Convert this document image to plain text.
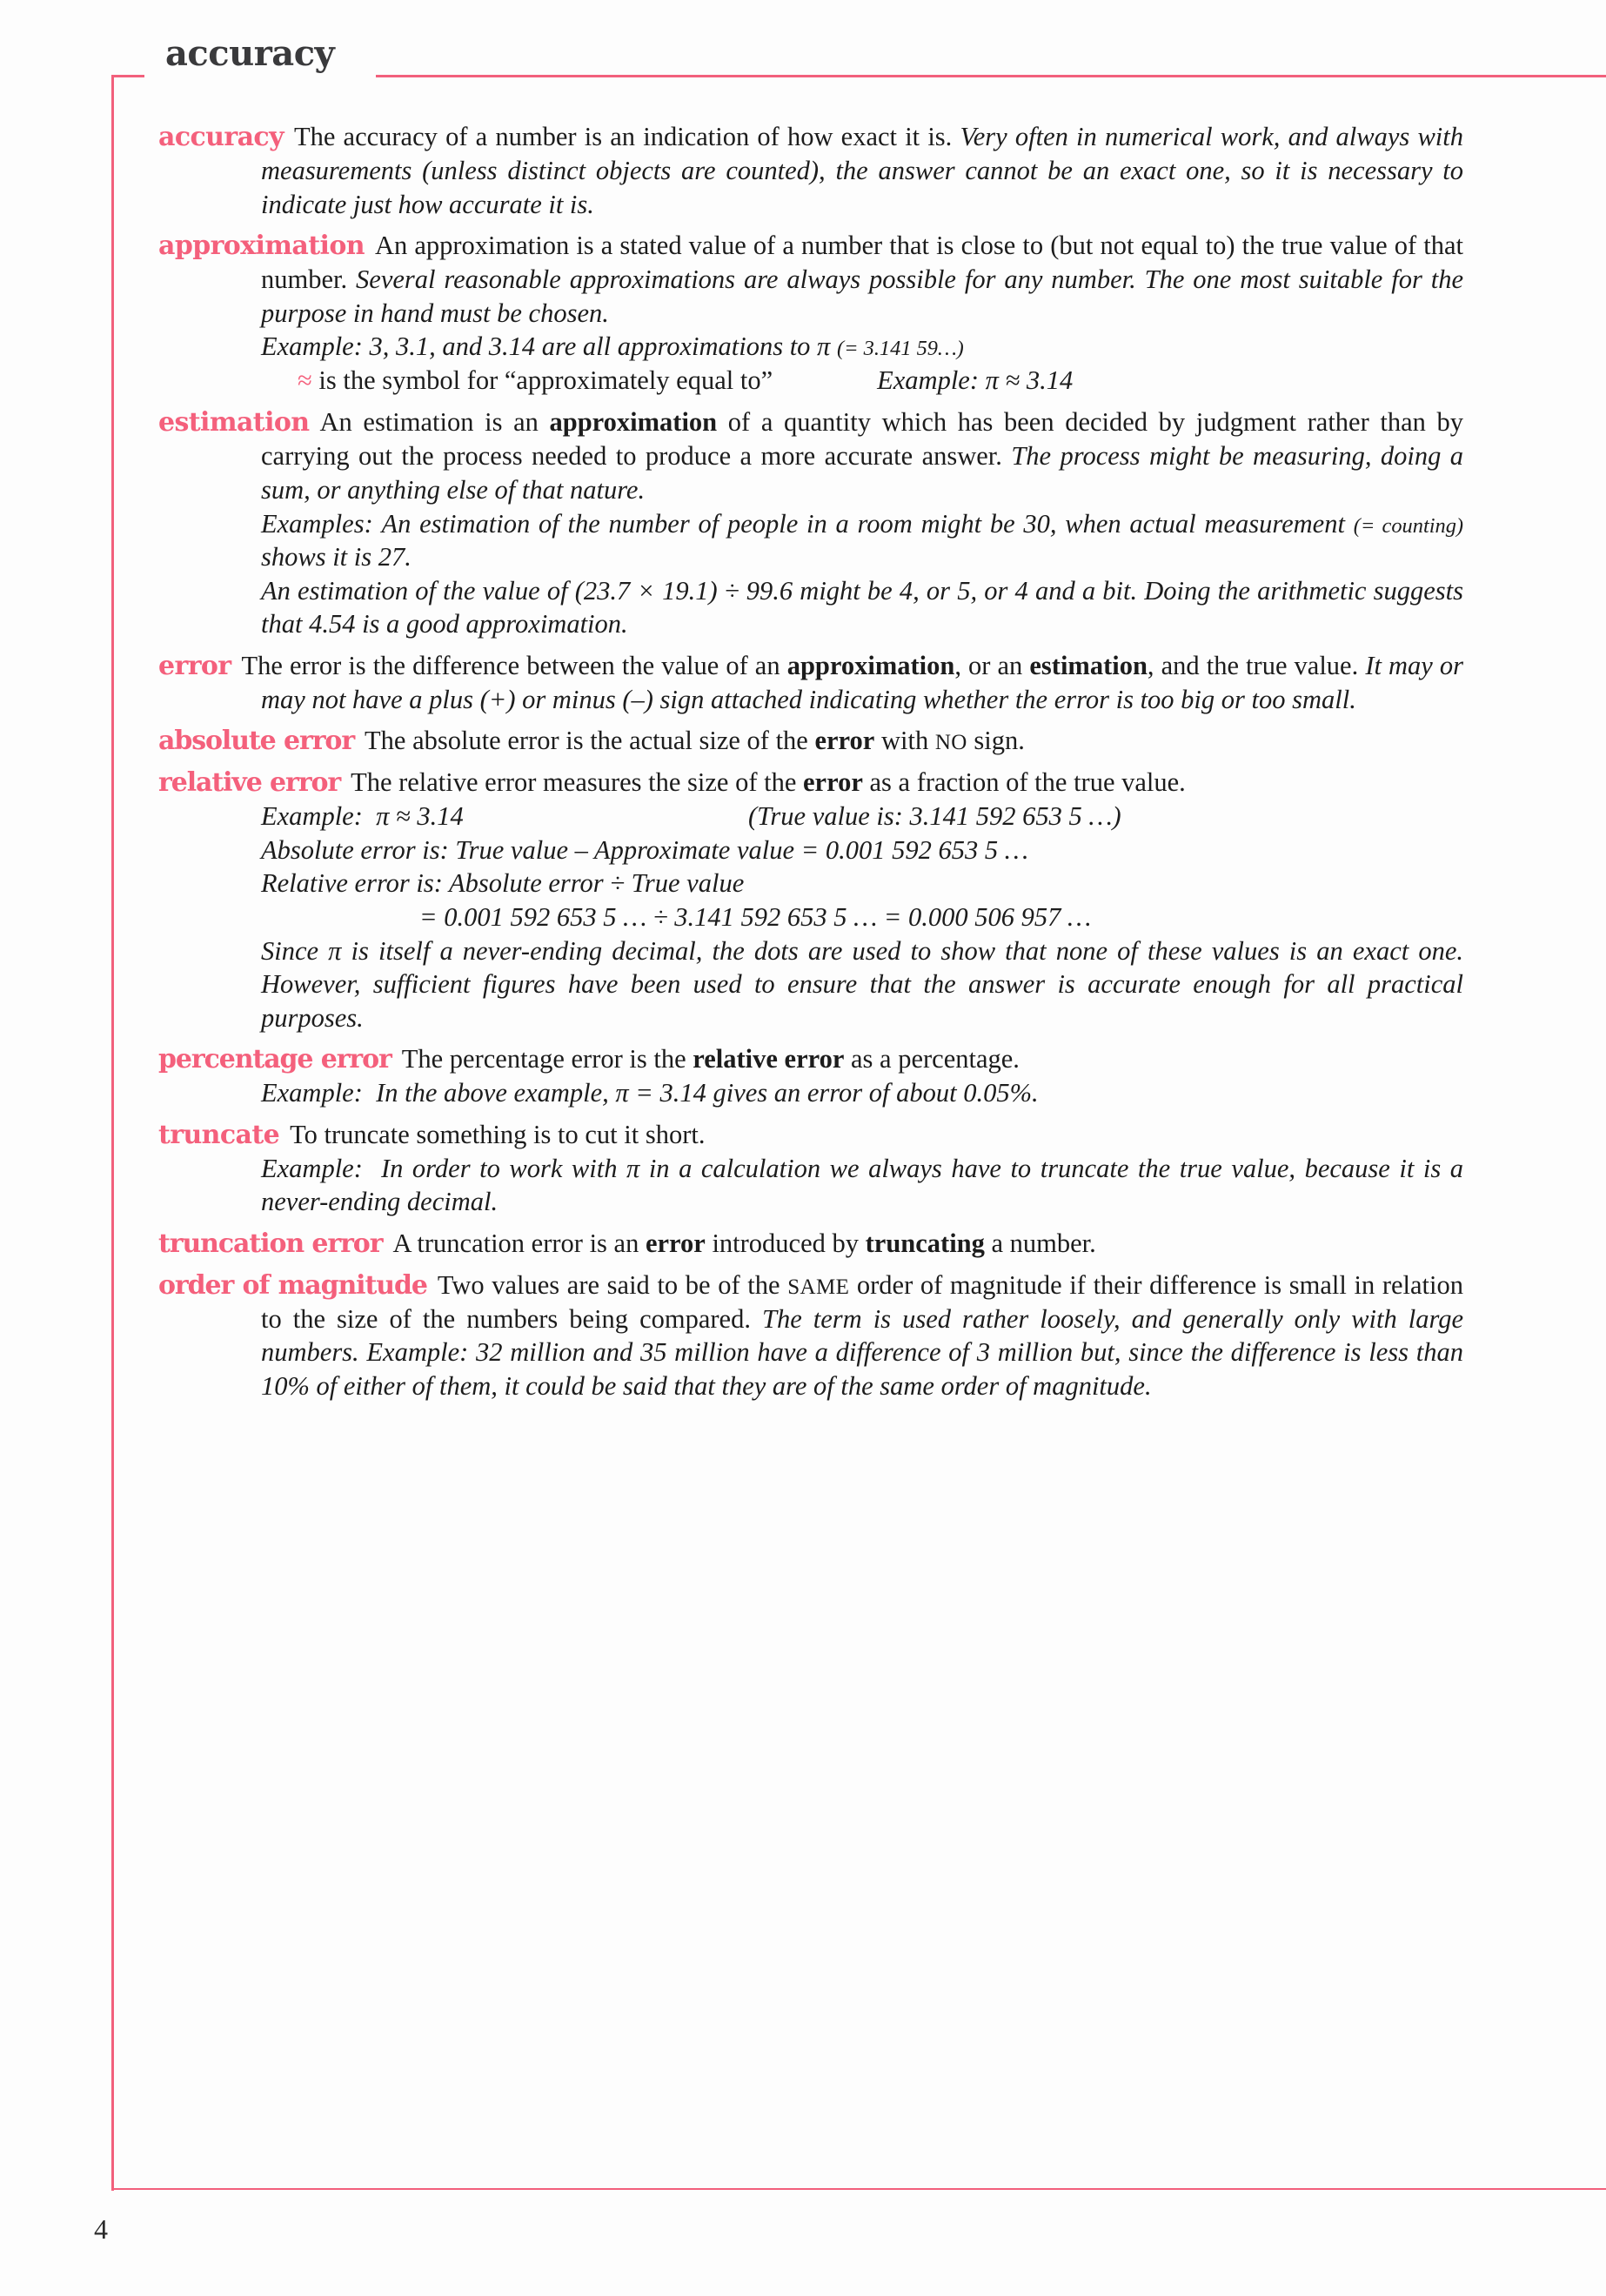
accuracy

accuracy The accuracy of a number is an indication of how exact it is. Very often in numerical work, and always with measurements (unless distinct objects are counted), the answer cannot be an exact one, so it is necessary to indicate just how accurate it is.

approximation An approximation is a stated value of a number that is close to (but not equal to) the true value of that number. Several reasonable approximations are always possible for any number. The one most suitable for the purpose in hand must be chosen.

Example: 3, 3.1, and 3.14 are all approximations to π (= 3.141 59…)

≈ is the symbol for “approximately equal to”	Example: π ≈ 3.14

estimation An estimation is an approximation of a quantity which has been decided by judgment rather than by carrying out the process needed to produce a more accurate answer. The process might be measuring, doing a sum, or anything else of that nature.

Examples: An estimation of the number of people in a room might be 30, when actual measurement (= counting) shows it is 27.

An estimation of the value of (23.7 × 19.1) ÷ 99.6 might be 4, or 5, or 4 and a bit. Doing the arithmetic suggests that 4.54 is a good approximation.

error The error is the difference between the value of an approximation, or an estimation, and the true value. It may or may not have a plus (+) or minus (–) sign attached indicating whether the error is too big or too small.

absolute error The absolute error is the actual size of the error with NO sign.

relative error The relative error measures the size of the error as a fraction of the true value.

Example: π ≈ 3.14	(True value is: 3.141 592 653 5 …)

Absolute error is: True value – Approximate value = 0.001 592 653 5 …

Relative error is: Absolute error ÷ True value

= 0.001 592 653 5 … ÷ 3.141 592 653 5 … = 0.000 506 957 …

Since π is itself a never-ending decimal, the dots are used to show that none of these values is an exact one. However, sufficient figures have been used to ensure that the answer is accurate enough for all practical purposes.

percentage error The percentage error is the relative error as a percentage.

Example: In the above example, π = 3.14 gives an error of about 0.05%.

truncate To truncate something is to cut it short.

Example: In order to work with π in a calculation we always have to truncate the true value, because it is a never-ending decimal.

truncation error A truncation error is an error introduced by truncating a number.

order of magnitude Two values are said to be of the SAME order of magnitude if their difference is small in relation to the size of the numbers being compared. The term is used rather loosely, and generally only with large numbers. Example: 32 million and 35 million have a difference of 3 million but, since the difference is less than 10% of either of them, it could be said that they are of the same order of magnitude.

4
